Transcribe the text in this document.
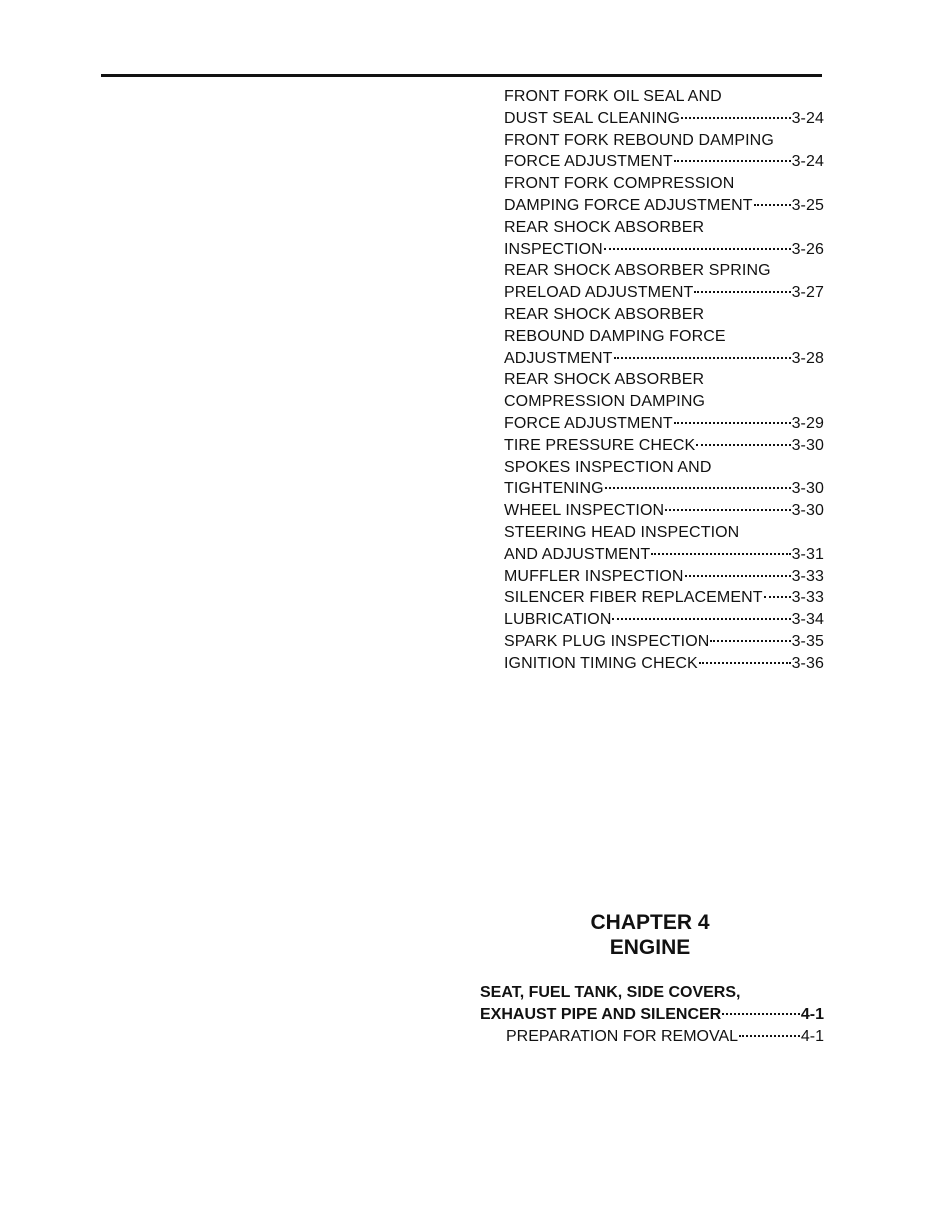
FRONT FORK OIL SEAL AND
DUST SEAL CLEANING	3-24
FRONT FORK REBOUND DAMPING
FORCE ADJUSTMENT	3-24
FRONT FORK COMPRESSION
DAMPING FORCE ADJUSTMENT 3-25
REAR SHOCK ABSORBER
INSPECTION	3-26
REAR SHOCK ABSORBER SPRING
PRELOAD ADJUSTMENT	3-27
REAR SHOCK ABSORBER
REBOUND DAMPING FORCE
ADJUSTMENT	3-28
REAR SHOCK ABSORBER
COMPRESSION DAMPING
FORCE ADJUSTMENT	3-29
TIRE PRESSURE CHECK	3-30
SPOKES INSPECTION AND
TIGHTENING	3-30
WHEEL INSPECTION	3-30
STEERING HEAD INSPECTION
AND ADJUSTMENT	3-31
MUFFLER INSPECTION	3-33
SILENCER FIBER REPLACEMENT 3-33
LUBRICATION	3-34
SPARK PLUG INSPECTION	3-35
IGNITION TIMING CHECK	3-36
CHAPTER 4
ENGINE
SEAT, FUEL TANK, SIDE COVERS,
EXHAUST PIPE AND SILENCER	4-1
PREPARATION FOR REMOVAL	4-1
